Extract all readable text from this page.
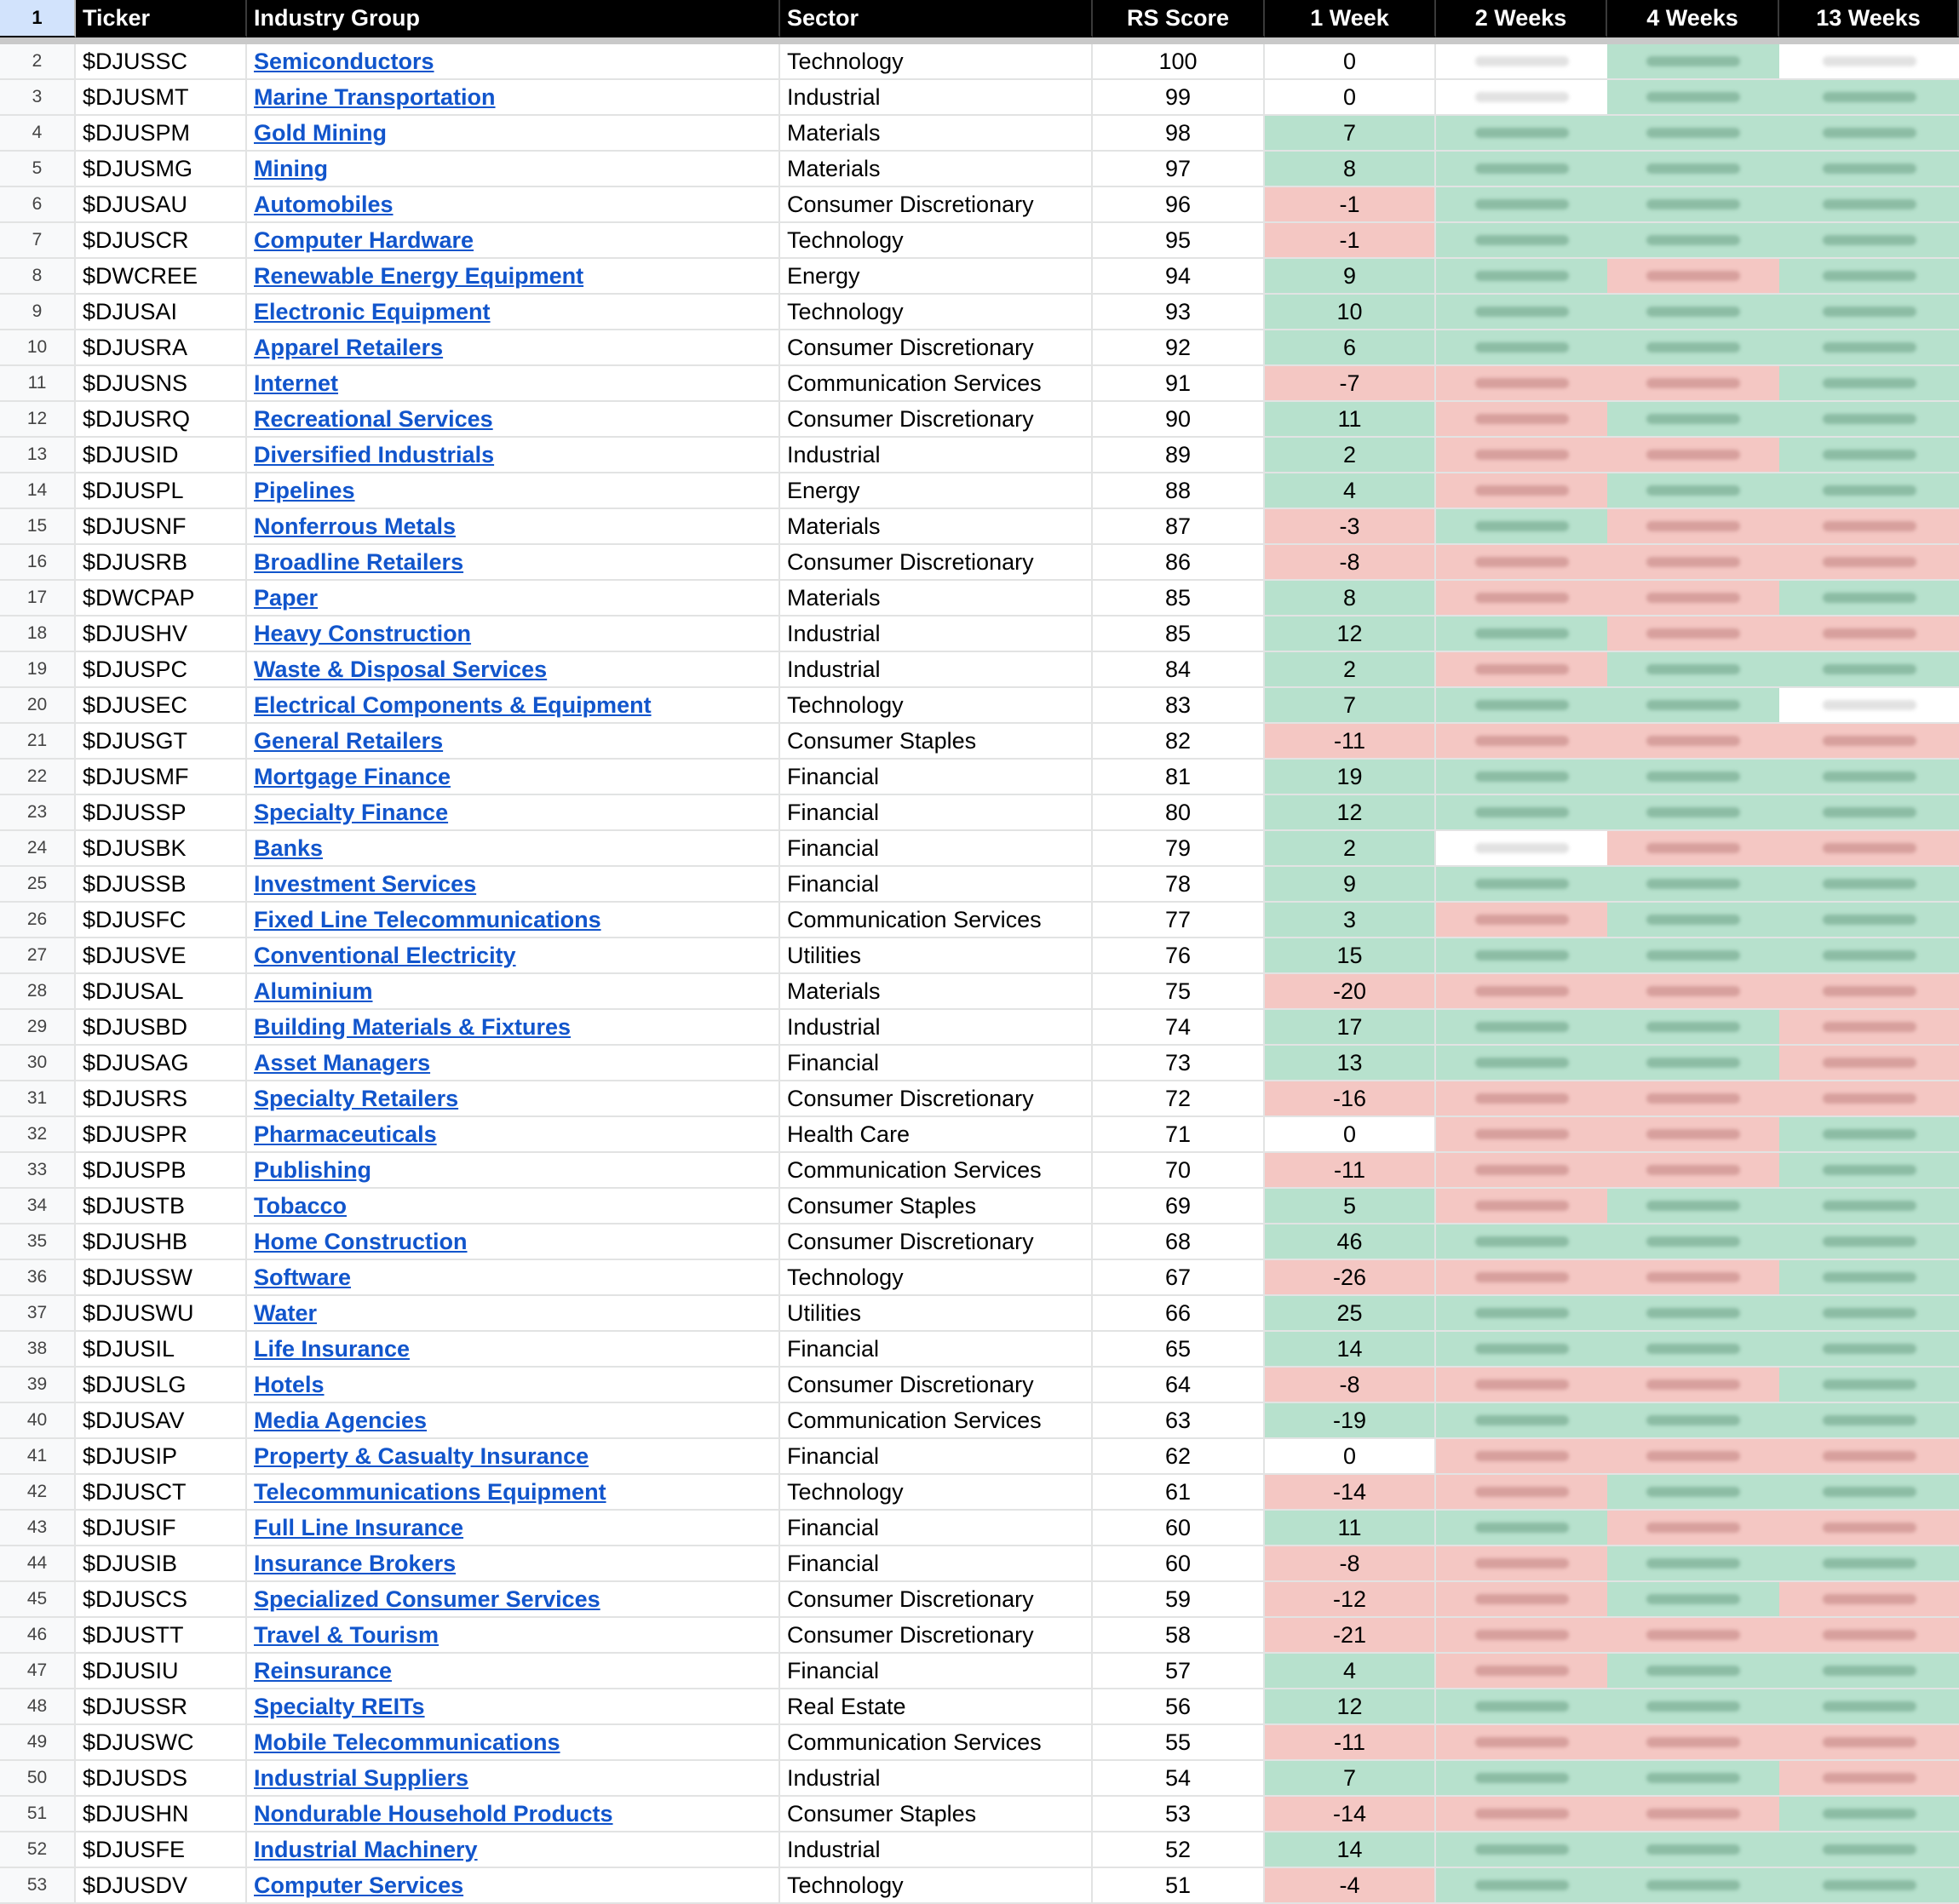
1	Ticker	Industry Group	Sector	RS Score	1 Week	2 Weeks	4 Weeks	13 Weeks
2	$DJUSSC	Semiconductors	Technology	100	0
3	$DJUSMT	Marine Transportation	Industrial	99	0
4	$DJUSPM	Gold Mining	Materials	98	7
5	$DJUSMG	Mining	Materials	97	8
6	$DJUSAU	Automobiles	Consumer Discretionary	96	-1
7	$DJUSCR	Computer Hardware	Technology	95	-1
8	$DWCREE	Renewable Energy Equipment	Energy	94	9
9	$DJUSAI	Electronic Equipment	Technology	93	10
10	$DJUSRA	Apparel Retailers	Consumer Discretionary	92	6
11	$DJUSNS	Internet	Communication Services	91	-7
12	$DJUSRQ	Recreational Services	Consumer Discretionary	90	11
13	$DJUSID	Diversified Industrials	Industrial	89	2
14	$DJUSPL	Pipelines	Energy	88	4
15	$DJUSNF	Nonferrous Metals	Materials	87	-3
16	$DJUSRB	Broadline Retailers	Consumer Discretionary	86	-8
17	$DWCPAP	Paper	Materials	85	8
18	$DJUSHV	Heavy Construction	Industrial	85	12
19	$DJUSPC	Waste & Disposal Services	Industrial	84	2
20	$DJUSEC	Electrical Components & Equipment	Technology	83	7
21	$DJUSGT	General Retailers	Consumer Staples	82	-11
22	$DJUSMF	Mortgage Finance	Financial	81	19
23	$DJUSSP	Specialty Finance	Financial	80	12
24	$DJUSBK	Banks	Financial	79	2
25	$DJUSSB	Investment Services	Financial	78	9
26	$DJUSFC	Fixed Line Telecommunications	Communication Services	77	3
27	$DJUSVE	Conventional Electricity	Utilities	76	15
28	$DJUSAL	Aluminium	Materials	75	-20
29	$DJUSBD	Building Materials & Fixtures	Industrial	74	17
30	$DJUSAG	Asset Managers	Financial	73	13
31	$DJUSRS	Specialty Retailers	Consumer Discretionary	72	-16
32	$DJUSPR	Pharmaceuticals	Health Care	71	0
33	$DJUSPB	Publishing	Communication Services	70	-11
34	$DJUSTB	Tobacco	Consumer Staples	69	5
35	$DJUSHB	Home Construction	Consumer Discretionary	68	46
36	$DJUSSW	Software	Technology	67	-26
37	$DJUSWU	Water	Utilities	66	25
38	$DJUSIL	Life Insurance	Financial	65	14
39	$DJUSLG	Hotels	Consumer Discretionary	64	-8
40	$DJUSAV	Media Agencies	Communication Services	63	-19
41	$DJUSIP	Property & Casualty Insurance	Financial	62	0
42	$DJUSCT	Telecommunications Equipment	Technology	61	-14
43	$DJUSIF	Full Line Insurance	Financial	60	11
44	$DJUSIB	Insurance Brokers	Financial	60	-8
45	$DJUSCS	Specialized Consumer Services	Consumer Discretionary	59	-12
46	$DJUSTT	Travel & Tourism	Consumer Discretionary	58	-21
47	$DJUSIU	Reinsurance	Financial	57	4
48	$DJUSSR	Specialty REITs	Real Estate	56	12
49	$DJUSWC	Mobile Telecommunications	Communication Services	55	-11
50	$DJUSDS	Industrial Suppliers	Industrial	54	7
51	$DJUSHN	Nondurable Household Products	Consumer Staples	53	-14
52	$DJUSFE	Industrial Machinery	Industrial	52	14
53	$DJUSDV	Computer Services	Technology	51	-4
